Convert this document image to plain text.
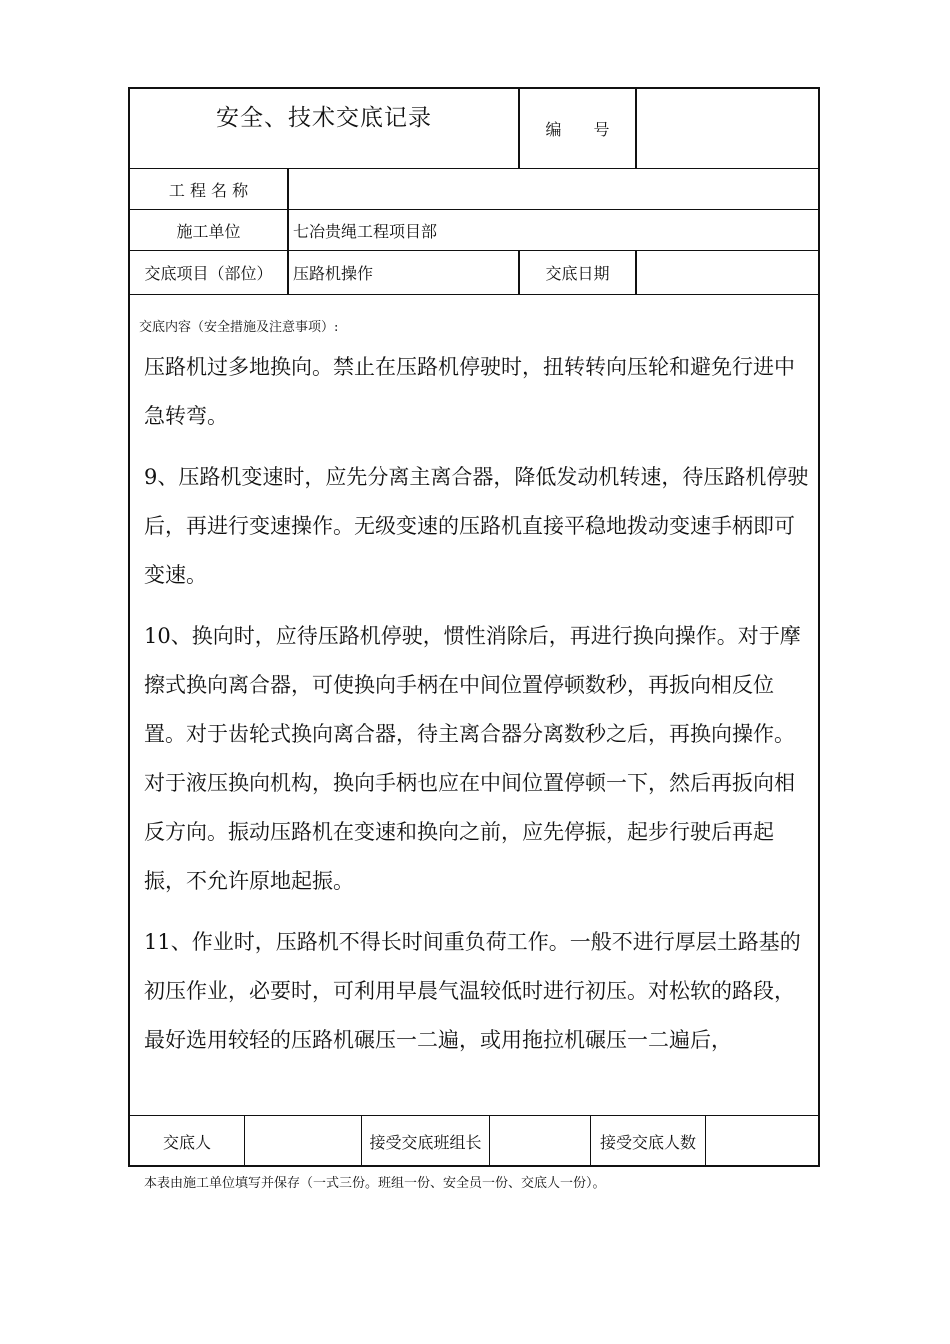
安全、技术交底记录	编　　号
工 程 名 称
施工单位	七冶贵绳工程项目部
交底项目（部位）	压路机操作	交底日期
交底内容（安全措施及注意事项）:

压路机过多地换向。禁止在压路机停驶时，扭转转向压轮和避免行进中急转弯。

9、压路机变速时，应先分离主离合器，降低发动机转速，待压路机停驶后，再进行变速操作。无级变速的压路机直接平稳地拨动变速手柄即可变速。

10、换向时，应待压路机停驶，惯性消除后，再进行换向操作。对于摩擦式换向离合器，可使换向手柄在中间位置停顿数秒，再扳向相反位置。对于齿轮式换向离合器，待主离合器分离数秒之后，再换向操作。对于液压换向机构，换向手柄也应在中间位置停顿一下，然后再扳向相反方向。振动压路机在变速和换向之前，应先停振，起步行驶后再起振，不允许原地起振。

11、作业时，压路机不得长时间重负荷工作。一般不进行厚层土路基的初压作业，必要时，可利用早晨气温较低时进行初压。对松软的路段，最好选用较轻的压路机碾压一二遍，或用拖拉机碾压一二遍后，

交底人	接受交底班组长	接受交底人数
本表由施工单位填写并保存（一式三份。班组一份、安全员一份、交底人一份）。
